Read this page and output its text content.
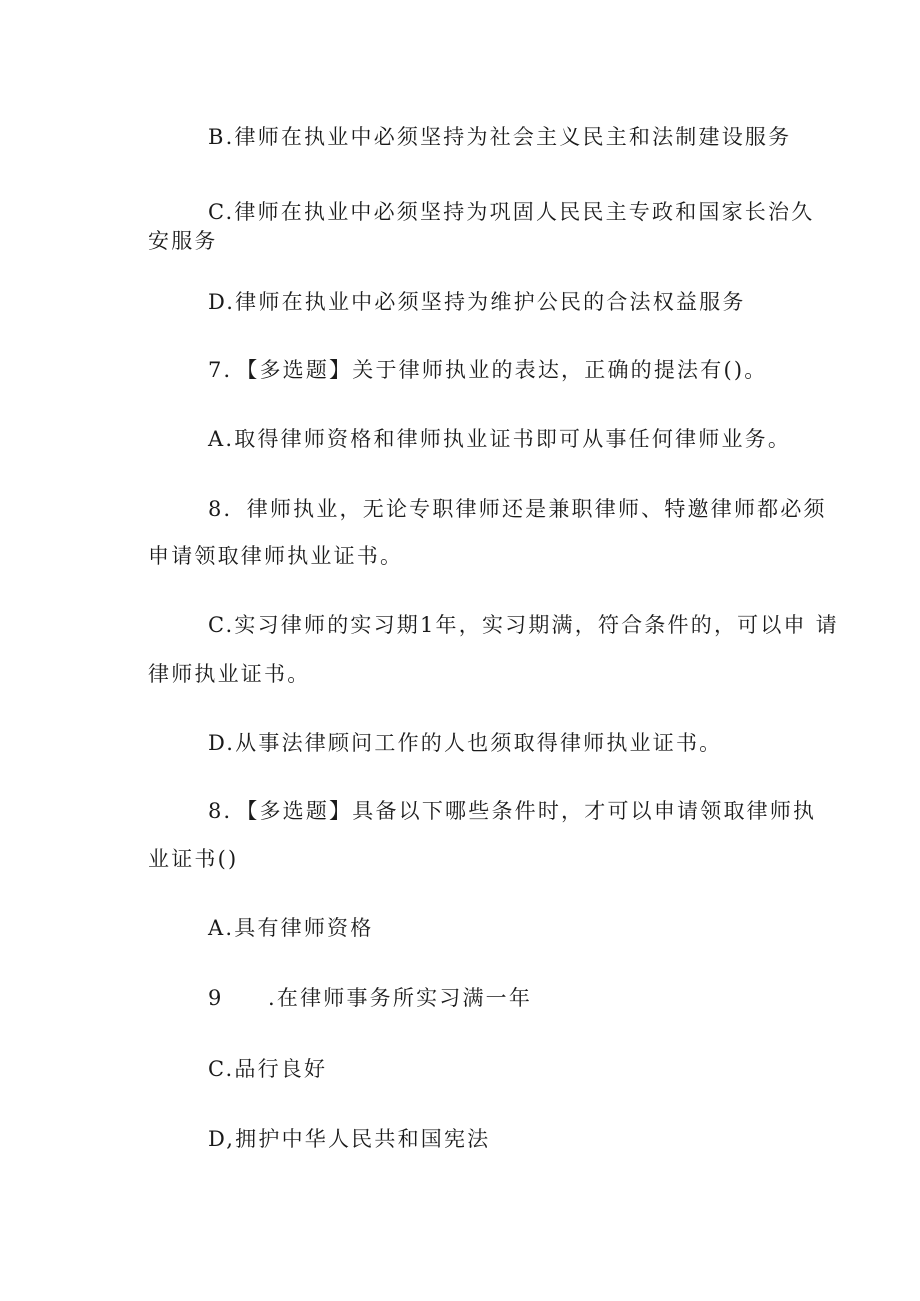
B.律师在执业中必须坚持为社会主义民主和法制建设服务
C.律师在执业中必须坚持为巩固人民民主专政和国家长治久
安服务
D.律师在执业中必须坚持为维护公民的合法权益服务
7．【多选题】关于律师执业的表达，正确的提法有()。
A.取得律师资格和律师执业证书即可从事任何律师业务。
8．律师执业，无论专职律师还是兼职律师、特邀律师都必须
申请领取律师执业证书。
C.实习律师的实习期1年，实习期满，符合条件的，可以申 请
律师执业证书。
D.从事法律顾问工作的人也须取得律师执业证书。
8．【多选题】具备以下哪些条件时，才可以申请领取律师执
业证书()
A.具有律师资格
9 .在律师事务所实习满一年
C.品行良好
D,拥护中华人民共和国宪法
